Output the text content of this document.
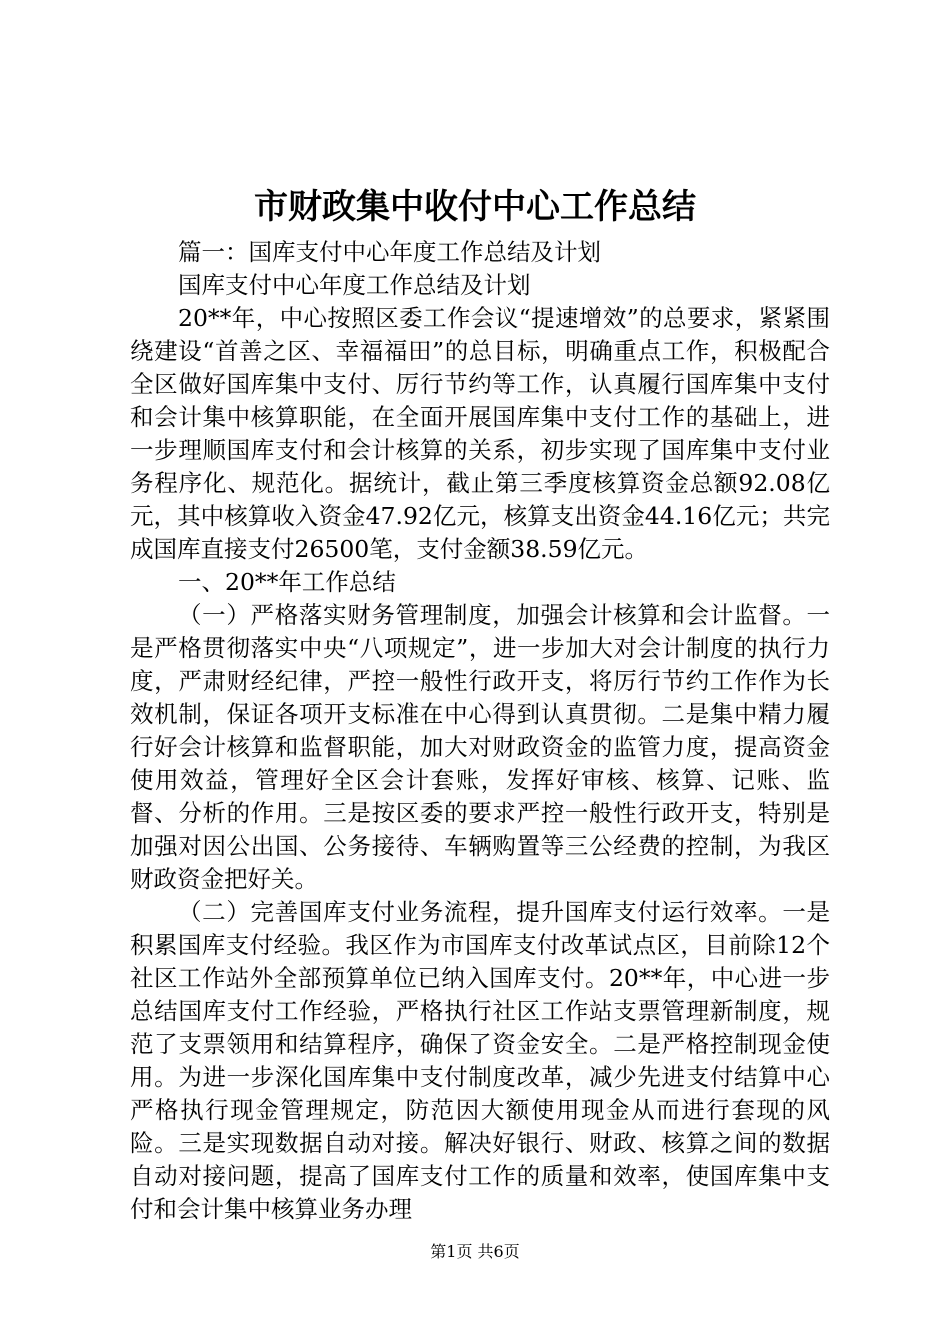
市财政集中收付中心工作总结

篇一：国库支付中心年度工作总结及计划

国库支付中心年度工作总结及计划

20**年，中心按照区委工作会议“提速增效”的总要求，紧紧围绕建设“首善之区、幸福福田”的总目标，明确重点工作，积极配合全区做好国库集中支付、厉行节约等工作，认真履行国库集中支付和会计集中核算职能，在全面开展国库集中支付工作的基础上，进一步理顺国库支付和会计核算的关系，初步实现了国库集中支付业务程序化、规范化。据统计，截止第三季度核算资金总额92.08亿元，其中核算收入资金47.92亿元，核算支出资金44.16亿元；共完成国库直接支付26500笔，支付金额38.59亿元。

一、20**年工作总结

（一）严格落实财务管理制度，加强会计核算和会计监督。一是严格贯彻落实中央“八项规定”，进一步加大对会计制度的执行力度，严肃财经纪律，严控一般性行政开支，将厉行节约工作作为长效机制，保证各项开支标准在中心得到认真贯彻。二是集中精力履行好会计核算和监督职能，加大对财政资金的监管力度，提高资金使用效益，管理好全区会计套账，发挥好审核、核算、记账、监督、分析的作用。三是按区委的要求严控一般性行政开支，特别是加强对因公出国、公务接待、车辆购置等三公经费的控制，为我区财政资金把好关。

（二）完善国库支付业务流程，提升国库支付运行效率。一是积累国库支付经验。我区作为市国库支付改革试点区，目前除12个社区工作站外全部预算单位已纳入国库支付。20**年，中心进一步总结国库支付工作经验，严格执行社区工作站支票管理新制度，规范了支票领用和结算程序，确保了资金安全。二是严格控制现金使用。为进一步深化国库集中支付制度改革，减少先进支付结算中心严格执行现金管理规定，防范因大额使用现金从而进行套现的风险。三是实现数据自动对接。解决好银行、财政、核算之间的数据自动对接问题，提高了国库支付工作的质量和效率，使国库集中支付和会计集中核算业务办理

第1页 共6页
